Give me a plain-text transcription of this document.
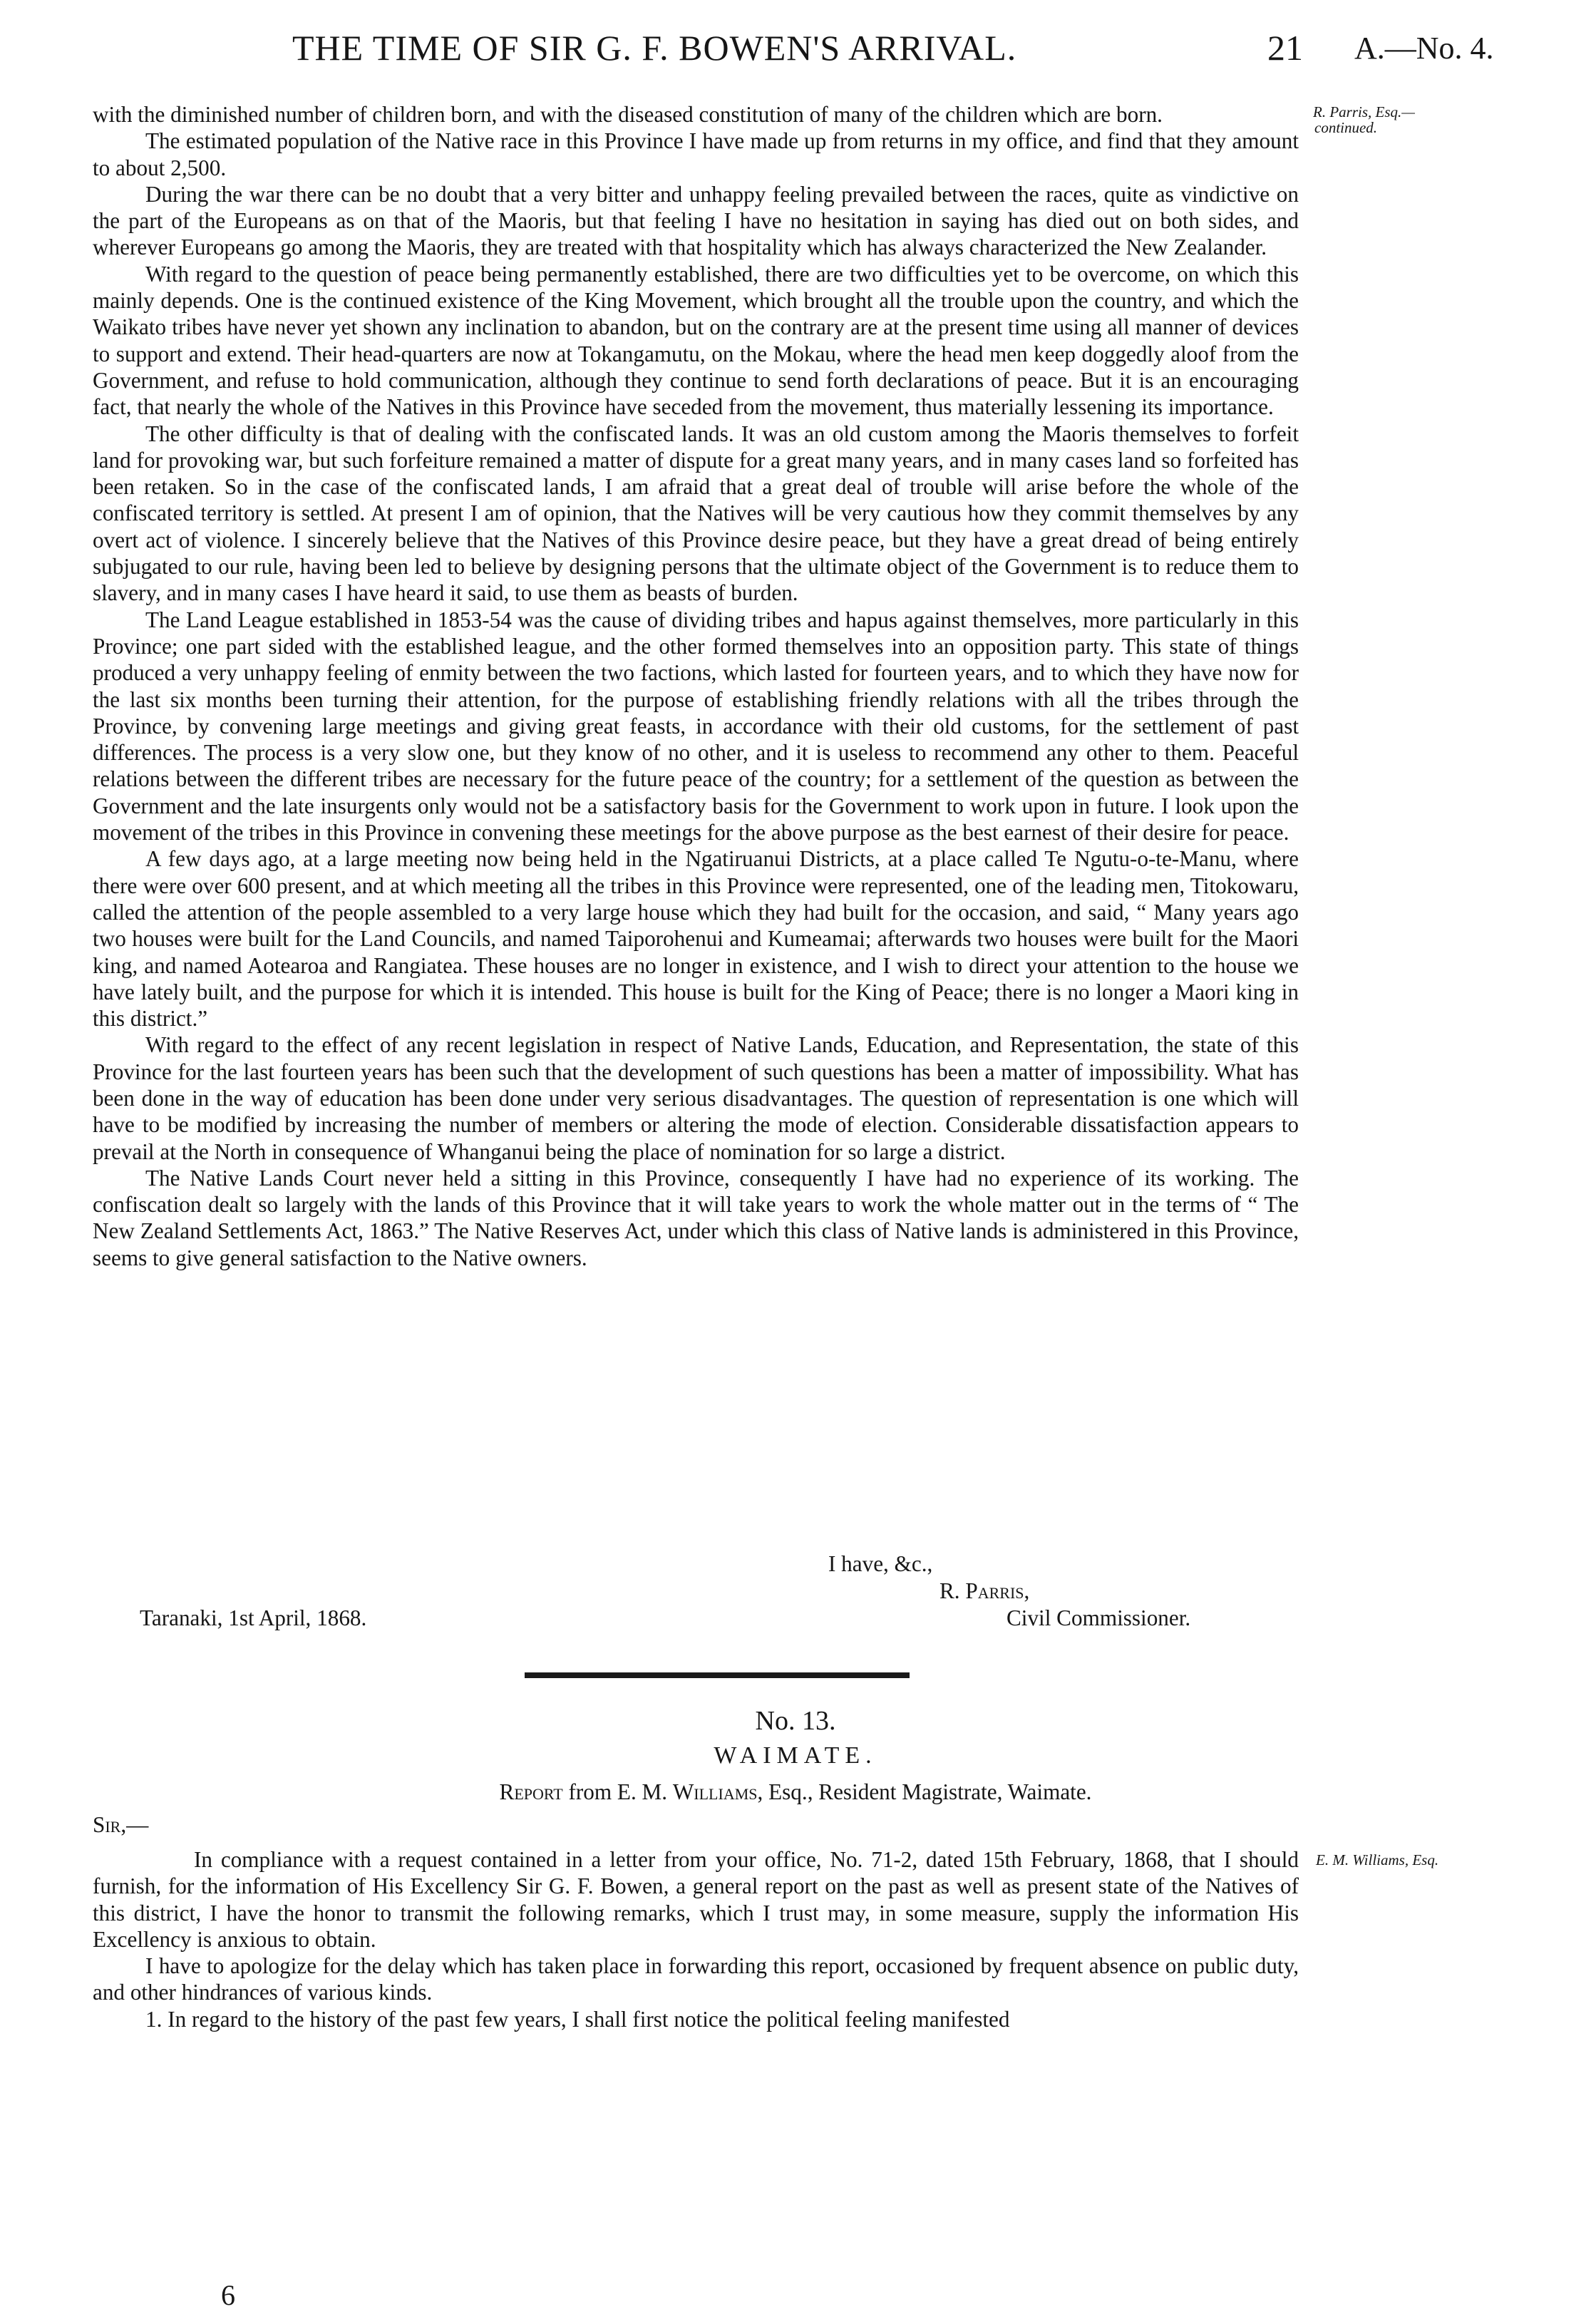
THE TIME OF SIR G. F. BOWEN'S ARRIVAL.	21 A.—No. 4.
R. Parris, Esq.—
continued.

with the diminished number of children born, and with the diseased constitution of many of the children which are born.

The estimated population of the Native race in this Province I have made up from returns in my office, and find that they amount to about 2,500.

During the war there can be no doubt that a very bitter and unhappy feeling prevailed between the races, quite as vindictive on the part of the Europeans as on that of the Maoris, but that feeling I have no hesitation in saying has died out on both sides, and wherever Europeans go among the Maoris, they are treated with that hospitality which has always characterized the New Zealander.

With regard to the question of peace being permanently established, there are two difficulties yet to be overcome, on which this mainly depends. One is the continued existence of the King Movement, which brought all the trouble upon the country, and which the Waikato tribes have never yet shown any inclination to abandon, but on the contrary are at the present time using all manner of devices to support and extend. Their head-quarters are now at Tokangamutu, on the Mokau, where the head men keep doggedly aloof from the Government, and refuse to hold communication, although they continue to send forth declarations of peace. But it is an encouraging fact, that nearly the whole of the Natives in this Province have seceded from the movement, thus materially lessening its importance.

The other difficulty is that of dealing with the confiscated lands. It was an old custom among the Maoris themselves to forfeit land for provoking war, but such forfeiture remained a matter of dispute for a great many years, and in many cases land so forfeited has been retaken. So in the case of the confiscated lands, I am afraid that a great deal of trouble will arise before the whole of the confiscated territory is settled. At present I am of opinion, that the Natives will be very cautious how they commit themselves by any overt act of violence. I sincerely believe that the Natives of this Province desire peace, but they have a great dread of being entirely subjugated to our rule, having been led to believe by designing persons that the ultimate object of the Government is to reduce them to slavery, and in many cases I have heard it said, to use them as beasts of burden.

The Land League established in 1853-54 was the cause of dividing tribes and hapus against themselves, more particularly in this Province; one part sided with the established league, and the other formed themselves into an opposition party. This state of things produced a very unhappy feeling of enmity between the two factions, which lasted for fourteen years, and to which they have now for the last six months been turning their attention, for the purpose of establishing friendly relations with all the tribes through the Province, by convening large meetings and giving great feasts, in accordance with their old customs, for the settlement of past differences. The process is a very slow one, but they know of no other, and it is useless to recommend any other to them. Peaceful relations between the different tribes are necessary for the future peace of the country; for a settlement of the question as between the Government and the late insurgents only would not be a satisfactory basis for the Government to work upon in future. I look upon the movement of the tribes in this Province in convening these meetings for the above purpose as the best earnest of their desire for peace.

A few days ago, at a large meeting now being held in the Ngatiruanui Districts, at a place called Te Ngutu-o-te-Manu, where there were over 600 present, and at which meeting all the tribes in this Province were represented, one of the leading men, Titokowaru, called the attention of the people assembled to a very large house which they had built for the occasion, and said, “ Many years ago two houses were built for the Land Councils, and named Taiporohenui and Kumeamai; afterwards two houses were built for the Maori king, and named Aotearoa and Rangiatea. These houses are no longer in existence, and I wish to direct your attention to the house we have lately built, and the purpose for which it is intended. This house is built for the King of Peace; there is no longer a Maori king in this district.”

With regard to the effect of any recent legislation in respect of Native Lands, Education, and Representation, the state of this Province for the last fourteen years has been such that the development of such questions has been a matter of impossibility. What has been done in the way of education has been done under very serious disadvantages. The question of representation is one which will have to be modified by increasing the number of members or altering the mode of election. Considerable dissatisfaction appears to prevail at the North in consequence of Whanganui being the place of nomination for so large a district.

The Native Lands Court never held a sitting in this Province, consequently I have had no experience of its working. The confiscation dealt so largely with the lands of this Province that it will take years to work the whole matter out in the terms of “ The New Zealand Settlements Act, 1863.” The Native Reserves Act, under which this class of Native lands is administered in this Province, seems to give general satisfaction to the Native owners.

I have, &c.,
R. Parris,
Civil Commissioner.
Taranaki, 1st April, 1868.
No. 13.
WAIMATE.
Report from E. M. Williams, Esq., Resident Magistrate, Waimate.
Sir,—
E. M. Williams, Esq.

In compliance with a request contained in a letter from your office, No. 71-2, dated 15th February, 1868, that I should furnish, for the information of His Excellency Sir G. F. Bowen, a general report on the past as well as present state of the Natives of this district, I have the honor to transmit the following remarks, which I trust may, in some measure, supply the information His Excellency is anxious to obtain.

I have to apologize for the delay which has taken place in forwarding this report, occasioned by frequent absence on public duty, and other hindrances of various kinds.

1. In regard to the history of the past few years, I shall first notice the political feeling manifested

6
